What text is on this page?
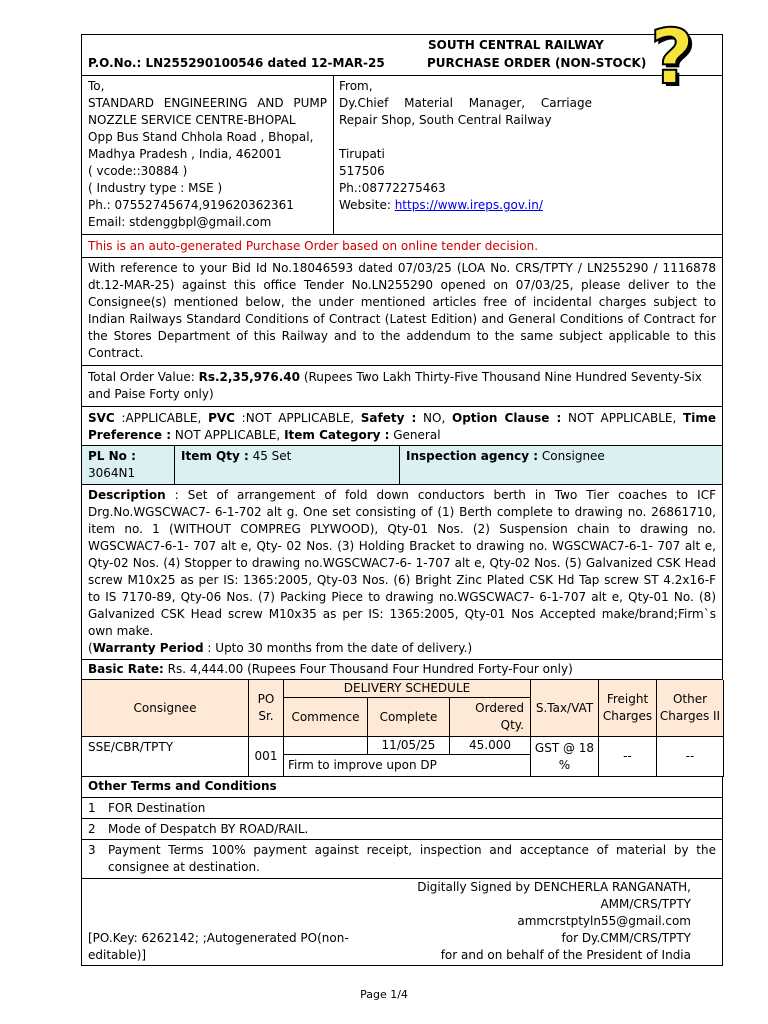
SOUTH CENTRAL RAILWAY
P.O.No.: LN255290100546 dated 12-MAR-25	PURCHASE ORDER (NON-STOCK) ?
To,
STANDARD ENGINEERING AND PUMP NOZZLE SERVICE CENTRE-BHOPAL
Opp Bus Stand Chhola Road , Bhopal, Madhya Pradesh , India, 462001
( vcode::30884 )
( Industry type : MSE )
Ph.: 07552745674,919620362361
Email: stdenggbpl@gmail.com

From,
Dy.Chief Material Manager, Carriage Repair Shop, South Central Railway
Tirupati
517506
Ph.:08772275463
Website: https://www.ireps.gov.in/

This is an auto-generated Purchase Order based on online tender decision.
With reference to your Bid Id No.18046593 dated 07/03/25 (LOA No. CRS/TPTY / LN255290 / 1116878 dt.12-MAR-25) against this office Tender No.LN255290 opened on 07/03/25, please deliver to the Consignee(s) mentioned below, the under mentioned articles free of incidental charges subject to Indian Railways Standard Conditions of Contract (Latest Edition) and General Conditions of Contract for the Stores Department of this Railway and to the addendum to the same subject applicable to this Contract.
Total Order Value: Rs.2,35,976.40 (Rupees Two Lakh Thirty-Five Thousand Nine Hundred Seventy-Six and Paise Forty only)
SVC :APPLICABLE, PVC :NOT APPLICABLE, Safety : NO, Option Clause : NOT APPLICABLE, Time Preference : NOT APPLICABLE, Item Category : General
PL No :
3064N1	Item Qty : 45 Set	Inspection agency : Consignee
Description : Set of arrangement of fold down conductors berth in Two Tier coaches to ICF Drg.No.WGSCWAC7- 6-1-702 alt g. One set consisting of (1) Berth complete to drawing no. 26861710, item no. 1 (WITHOUT COMPREG PLYWOOD), Qty-01 Nos. (2) Suspension chain to drawing no. WGSCWAC7-6-1- 707 alt e, Qty- 02 Nos. (3) Holding Bracket to drawing no. WGSCWAC7-6-1- 707 alt e, Qty-02 Nos. (4) Stopper to drawing no.WGSCWAC7-6- 1-707 alt e, Qty-02 Nos. (5) Galvanized CSK Head screw M10x25 as per IS: 1365:2005, Qty-03 Nos. (6) Bright Zinc Plated CSK Hd Tap screw ST 4.2x16-F to IS 7170-89, Qty-06 Nos. (7) Packing Piece to drawing no.WGSCWAC7- 6-1-707 alt e, Qty-01 No. (8) Galvanized CSK Head screw M10x35 as per IS: 1365:2005, Qty-01 Nos Accepted make/brand;Firm`s own make.
(Warranty Period : Upto 30 months from the date of delivery.)
Basic Rate: Rs. 4,444.00 (Rupees Four Thousand Four Hundred Forty-Four only)
Consignee	PO Sr.	DELIVERY SCHEDULE			S.Tax/VAT	Freight Charges	Other Charges II
		Commence	Complete	Ordered Qty.			
SSE/CBR/TPTY	001		11/05/25	45.000	GST @ 18 %	--	--
		Firm to improve upon DP					
Other Terms and Conditions

1	FOR Destination

2	Mode of Despatch BY ROAD/RAIL.

3	Payment Terms 100% payment against receipt, inspection and acceptance of material by the consignee at destination.

Digitally Signed by DENCHERLA RANGANATH,
AMM/CRS/TPTY
ammcrstptyln55@gmail.com
for Dy.CMM/CRS/TPTY
for and on behalf of the President of India
[PO.Key: 6262142; ;Autogenerated PO(non-editable)]
Page 1/4
